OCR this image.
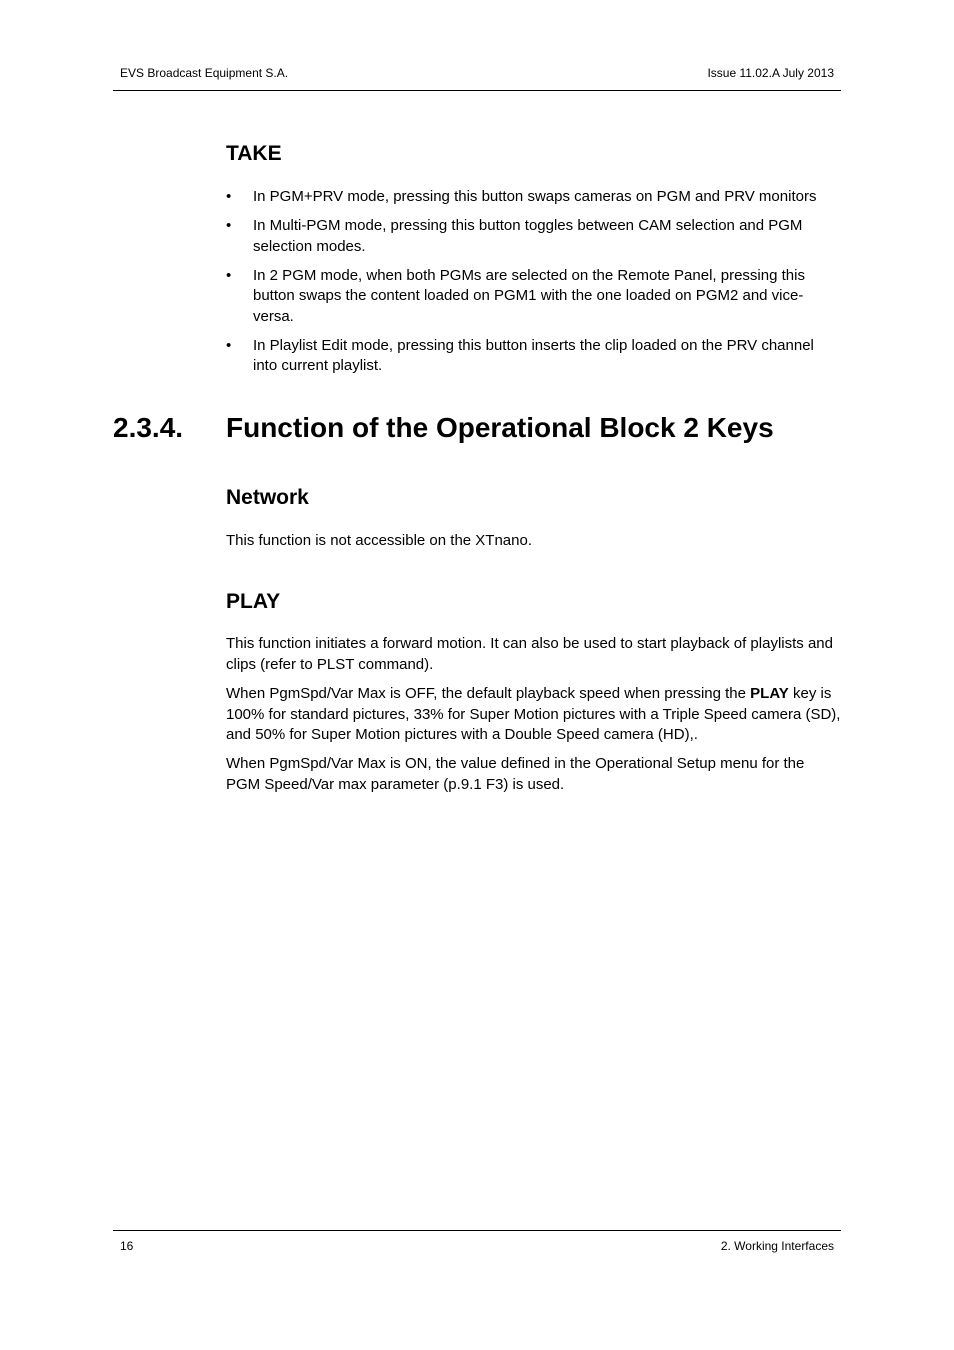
EVS Broadcast Equipment S.A.	Issue 11.02.A July 2013
TAKE
•	In PGM+PRV mode, pressing this button swaps cameras on PGM and PRV monitors
•	In Multi-PGM mode, pressing this button toggles between CAM selection and PGM selection modes.
•	In 2 PGM mode, when both PGMs are selected on the Remote Panel, pressing this button swaps the content loaded on PGM1 with the one loaded on PGM2 and vice-versa.
•	In Playlist Edit mode, pressing this button inserts the clip loaded on the PRV channel into current playlist.
2.3.4. Function of the Operational Block 2 Keys
Network

This function is not accessible on the XTnano.

PLAY

This function initiates a forward motion. It can also be used to start playback of playlists and clips (refer to PLST command).

When PgmSpd/Var Max is OFF, the default playback speed when pressing the PLAY key is 100% for standard pictures, 33% for Super Motion pictures with a Triple Speed camera (SD), and 50% for Super Motion pictures with a Double Speed camera (HD),.

When PgmSpd/Var Max is ON, the value defined in the Operational Setup menu for the PGM Speed/Var max parameter (p.9.1 F3) is used.

16	2. Working Interfaces
